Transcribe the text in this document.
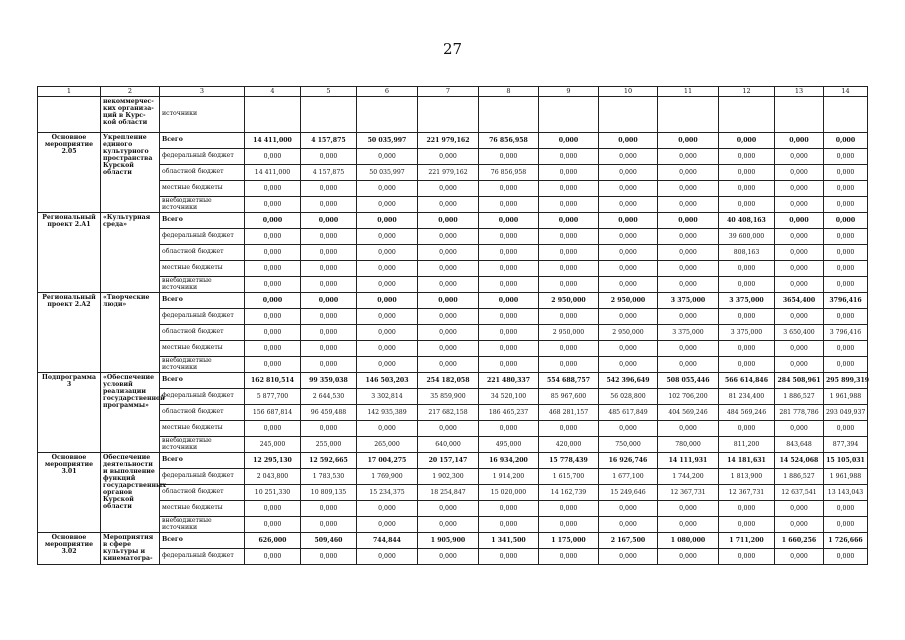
27
1	2	3	4	5	6	7	8	9	10	11	12	13	14
	некоммерчес-ких организа-ций в Курс-кой области	источники											
Основное мероприятие 2.05	Укрепление единого культурного пространства Курской области	Всего	14 411,000	4 157,875	50 035,997	221 979,162	76 856,958	0,000	0,000	0,000	0,000	0,000	0,000
		федеральный бюджет	0,000	0,000	0,000	0,000	0,000	0,000	0,000	0,000	0,000	0,000	0,000
		областной бюджет	14 411,000	4 157,875	50 035,997	221 979,162	76 856,958	0,000	0,000	0,000	0,000	0,000	0,000
		местные бюджеты	0,000	0,000	0,000	0,000	0,000	0,000	0,000	0,000	0,000	0,000	0,000
		внебюджетные источники	0,000	0,000	0,000	0,000	0,000	0,000	0,000	0,000	0,000	0,000	0,000
Региональный проект 2.А1	«Культурная среда»	Всего	0,000	0,000	0,000	0,000	0,000	0,000	0,000	0,000	40 408,163	0,000	0,000
		федеральный бюджет	0,000	0,000	0,000	0,000	0,000	0,000	0,000	0,000	39 600,000	0,000	0,000
		областной бюджет	0,000	0,000	0,000	0,000	0,000	0,000	0,000	0,000	808,163	0,000	0,000
		местные бюджеты	0,000	0,000	0,000	0,000	0,000	0,000	0,000	0,000	0,000	0,000	0,000
		внебюджетные источники	0,000	0,000	0,000	0,000	0,000	0,000	0,000	0,000	0,000	0,000	0,000
Региональный проект 2.А2	«Творческие люди»	Всего	0,000	0,000	0,000	0,000	0,000	2 950,000	2 950,000	3 375,000	3 375,000	3654,400	3796,416
		федеральный бюджет	0,000	0,000	0,000	0,000	0,000	0,000	0,000	0,000	0,000	0,000	0,000
		областной бюджет	0,000	0,000	0,000	0,000	0,000	2 950,000	2 950,000	3 375,000	3 375,000	3 650,400	3 796,416
		местные бюджеты	0,000	0,000	0,000	0,000	0,000	0,000	0,000	0,000	0,000	0,000	0,000
		внебюджетные источники	0,000	0,000	0,000	0,000	0,000	0,000	0,000	0,000	0,000	0,000	0,000
Подпрограмма 3	«Обеспечение условий реализации государственной программы»	Всего	162 810,514	99 359,038	146 503,203	254 182,058	221 480,337	554 688,757	542 396,649	508 055,446	566 614,846	284 508,961	295 899,319
		федеральный бюджет	5 877,700	2 644,530	3 302,814	35 859,900	34 520,100	85 967,600	56 028,800	102 706,200	81 234,400	1 886,527	1 961,988
		областной бюджет	156 687,814	96 459,488	142 935,389	217 682,158	186 465,237	468 281,157	485 617,849	404 569,246	484 569,246	281 778,786	293 049,937
		местные бюджеты	0,000	0,000	0,000	0,000	0,000	0,000	0,000	0,000	0,000	0,000	0,000
		внебюджетные источники	245,000	255,000	265,000	640,000	495,000	420,000	750,000	780,000	811,200	843,648	877,394
Основное мероприятие 3.01	Обеспечение деятельности и выполнение функций государственных органов Курской области	Всего	12 295,130	12 592,665	17 004,275	20 157,147	16 934,200	15 778,439	16 926,746	14 111,931	14 181,631	14 524,068	15 105,031
		федеральный бюджет	2 043,800	1 783,530	1 769,900	1 902,300	1 914,200	1 615,700	1 677,100	1 744,200	1 813,900	1 886,527	1 961,988
		областной бюджет	10 251,330	10 809,135	15 234,375	18 254,847	15 020,000	14 162,739	15 249,646	12 367,731	12 367,731	12 637,541	13 143,043
		местные бюджеты	0,000	0,000	0,000	0,000	0,000	0,000	0,000	0,000	0,000	0,000	0,000
		внебюджетные источники	0,000	0,000	0,000	0,000	0,000	0,000	0,000	0,000	0,000	0,000	0,000
Основное мероприятие 3.02	Мероприятия в сфере культуры и кинематогра-	Всего	626,000	509,460	744,844	1 905,900	1 341,500	1 175,000	2 167,500	1 080,000	1 711,200	1 660,256	1 726,666
		федеральный бюджет	0,000	0,000	0,000	0,000	0,000	0,000	0,000	0,000	0,000	0,000	0,000
